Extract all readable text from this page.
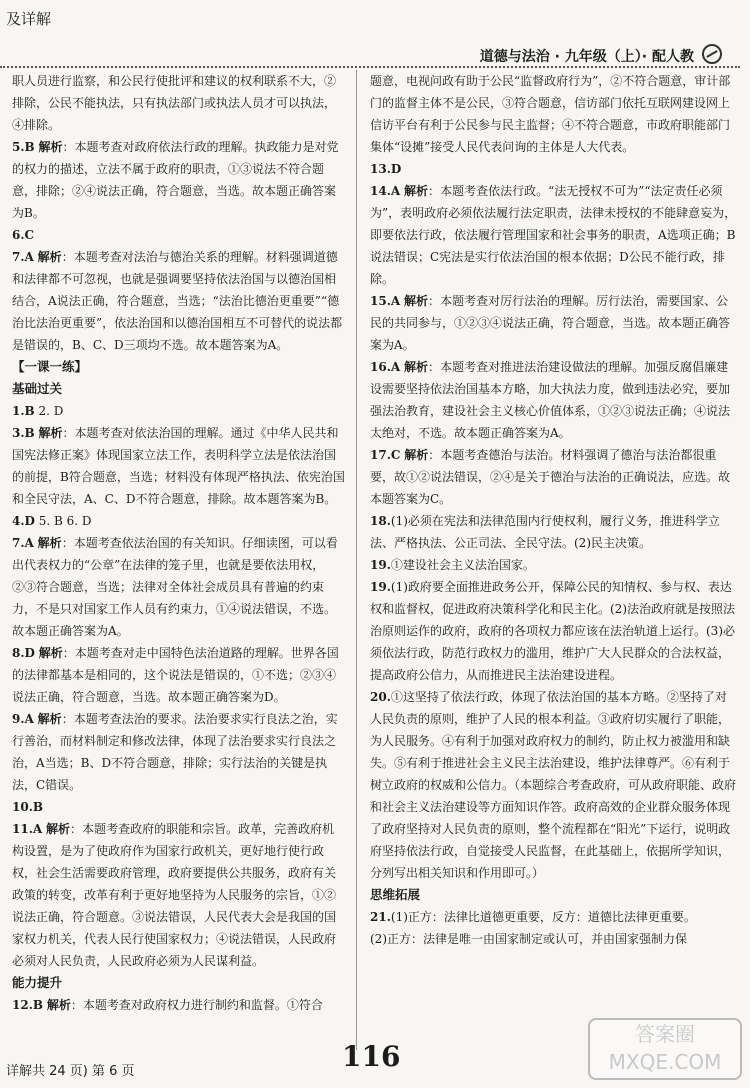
及详解
道德与法治 · 九年级（上）· 配人教
职人员进行监察，和公民行使批评和建议的权利联系不大，②排除，公民不能执法，只有执法部门或执法人员才可以执法，④排除。
5.B 解析：本题考查对政府依法行政的理解。执政能力是对党的权力的描述，立法不属于政府的职责，①③说法不符合题意，排除；②④说法正确，符合题意，当选。故本题正确答案为B。
6.C
7.A 解析：本题考查对法治与德治关系的理解。材料强调道德和法律都不可忽视，也就是强调要坚持依法治国与以德治国相结合，A说法正确，符合题意，当选；“法治比德治更重要”“德治比法治更重要”，依法治国和以德治国相互不可替代的说法都是错误的，B、C、D三项均不选。故本题答案为A。
【一课一练】
基础过关
1.B 2. D
3.B 解析：本题考查对依法治国的理解。通过《中华人民共和国宪法修正案》体现国家立法工作，表明科学立法是依法治国的前提，B符合题意，当选；材料没有体现严格执法、依宪治国和全民守法，A、C、D不符合题意，排除。故本题答案为B。
4.D 5. B 6. D
7.A 解析：本题考查依法治国的有关知识。仔细读图，可以看出代表权力的“公章”在法律的笼子里，也就是要依法用权，②③符合题意，当选；法律对全体社会成员具有普遍的约束力，不是只对国家工作人员有约束力，①④说法错误，不选。故本题正确答案为A。
8.D 解析：本题考查对走中国特色法治道路的理解。世界各国的法律都基本是相同的，这个说法是错误的，①不选；②③④说法正确，符合题意，当选。故本题正确答案为D。
9.A 解析：本题考查法治的要求。法治要求实行良法之治，实行善治，而材料制定和修改法律，体现了法治要求实行良法之治，A当选；B、D不符合题意，排除；实行法治的关键是执法，C错误。
10.B
11.A 解析：本题考查政府的职能和宗旨。政革，完善政府机构设置，是为了使政府作为国家行政机关，更好地行使行政权，社会生活需要政府管理，政府要提供公共服务，政府有关政策的转变，改革有利于更好地坚持为人民服务的宗旨，①②说法正确，符合题意。③说法错误，人民代表大会是我国的国家权力机关，代表人民行使国家权力；④说法错误，人民政府必须对人民负责，人民政府必须为人民谋利益。
能力提升
12.B 解析：本题考查对政府权力进行制约和监督。①符合
题意，电视问政有助于公民“监督政府行为”，②不符合题意，审计部门的监督主体不是公民，③符合题意，信访部门依托互联网建设网上信访平台有利于公民参与民主监督；④不符合题意，市政府职能部门集体“设摊”接受人民代表问询的主体是人大代表。
13.D
14.A 解析：本题考查依法行政。“法无授权不可为”“法定责任必须为”，表明政府必须依法履行法定职责，法律未授权的不能肆意妄为，即要依法行政，依法履行管理国家和社会事务的职责，A选项正确；B说法错误；C宪法是实行依法治国的根本依据；D公民不能行政，排除。
15.A 解析：本题考查对厉行法治的理解。厉行法治，需要国家、公民的共同参与，①②③④说法正确，符合题意，当选。故本题正确答案为A。
16.A 解析：本题考查对推进法治建设做法的理解。加强反腐倡廉建设需要坚持依法治国基本方略，加大执法力度，做到违法必究，要加强法治教育，建设社会主义核心价值体系，①②③说法正确；④说法太绝对，不选。故本题正确答案为A。
17.C 解析：本题考查德治与法治。材料强调了德治与法治都很重要，故①②说法错误，②④是关于德治与法治的正确说法，应选。故本题答案为C。
18.(1)必须在宪法和法律范围内行使权利，履行义务，推进科学立法、严格执法、公正司法、全民守法。(2)民主决策。
19.①建设社会主义法治国家。
19.(1)政府要全面推进政务公开，保障公民的知情权、参与权、表达权和监督权，促进政府决策科学化和民主化。(2)法治政府就是按照法治原则运作的政府，政府的各项权力都应该在法治轨道上运行。(3)必须依法行政，防范行政权力的滥用，维护广大人民群众的合法权益，提高政府公信力，从而推进民主法治建设进程。
20.①这坚持了依法行政，体现了依法治国的基本方略。②坚持了对人民负责的原则，维护了人民的根本利益。③政府切实履行了职能，为人民服务。④有利于加强对政府权力的制约，防止权力被滥用和缺失。⑤有利于推进社会主义民主法治建设，维护法律尊严。⑥有利于树立政府的权威和公信力。（本题综合考查政府，可从政府职能、政府和社会主义法治建设等方面知识作答。政府高效的企业群众服务体现了政府坚持对人民负责的原则，整个流程都在“阳光”下运行，说明政府坚持依法行政，自觉接受人民监督，在此基础上，依据所学知识，分列写出相关知识和作用即可。）
思维拓展
21.(1)正方：法律比道德更重要，反方：道德比法律更重要。
(2)正方：法律是唯一由国家制定或认可，并由国家强制力保
详解共 24 页) 第 6 页	116
答案圈
MXQE.COM
